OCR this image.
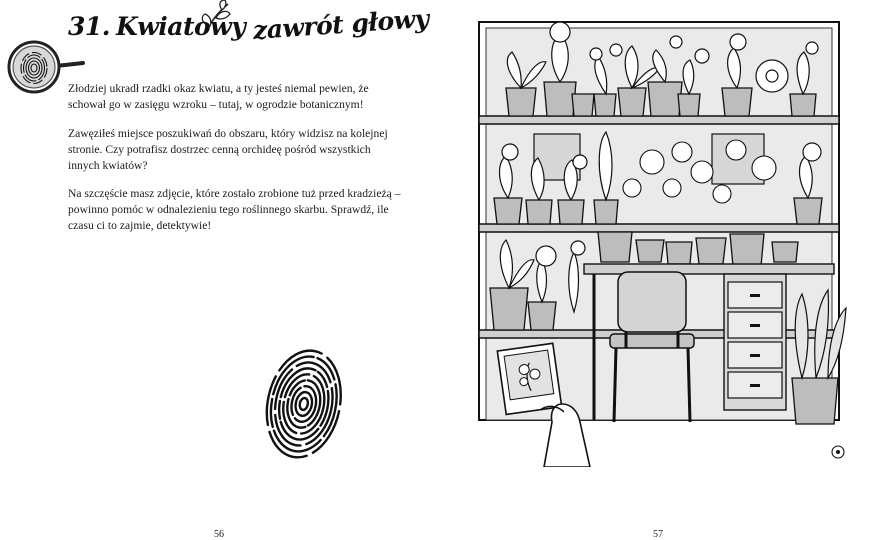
31. Kwiatowy zawrót głowy

Złodziej ukradł rzadki okaz kwiatu, a ty jesteś niemal pewien, że schował go w zasięgu wzroku – tutaj, w ogrodzie botanicznym!

Zawęziłeś miejsce poszukiwań do obszaru, który widzisz na kolejnej stronie. Czy potrafisz dostrzec cenną orchideę pośród wszystkich innych kwiatów?

Na szczęście masz zdjęcie, które zostało zrobione tuż przed kradzieżą – powinno pomóc w odnalezieniu tego roślinnego skarbu. Sprawdź, ile czasu ci to zajmie, detektywie!

56	57
